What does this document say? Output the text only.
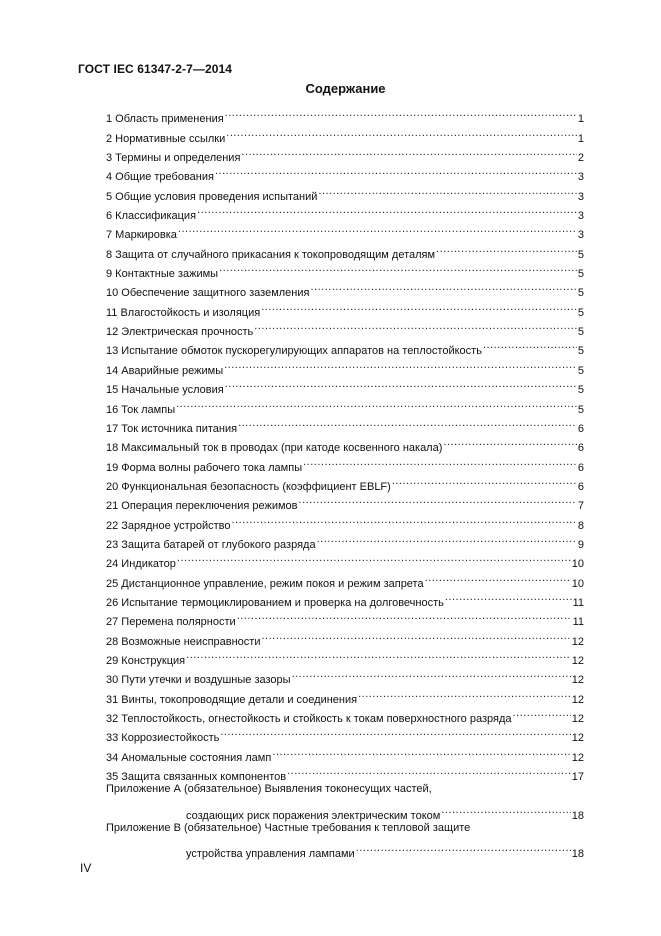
ГОСТ IEC 61347-2-7—2014
Содержание
1 Область применения .....	1
2 Нормативные ссылки .....	1
3 Термины и определения .....	2
4 Общие требования .....	3
5 Общие условия проведения испытаний .....	3
6 Классификация .....	3
7 Маркировка .....	3
8 Защита от случайного прикасания к токопроводящим деталям .....	5
9 Контактные зажимы .....	5
10 Обеспечение защитного заземления .....	5
11 Влагостойкость и изоляция .....	5
12 Электрическая прочность .....	5
13 Испытание обмоток пускорегулирующих аппаратов на теплостойкость .....	5
14 Аварийные режимы .....	5
15 Начальные условия .....	5
16 Ток лампы .....	5
17 Ток источника питания .....	6
18 Максимальный ток в проводах (при катоде косвенного накала) .....	6
19 Форма волны рабочего тока лампы .....	6
20 Функциональная безопасность (коэффициент EBLF) .....	6
21 Операция переключения режимов .....	7
22 Зарядное устройство .....	8
23 Защита батарей от глубокого разряда .....	9
24 Индикатор .....	10
25 Дистанционное управление, режим покоя и режим запрета .....	10
26 Испытание термоциклированием и проверка на долговечность .....	11
27 Перемена полярности .....	11
28 Возможные неисправности .....	12
29 Конструкция .....	12
30 Пути утечки и воздушные зазоры .....	12
31 Винты, токопроводящие детали и соединения .....	12
32 Теплостойкость, огнестойкость и стойкость к токам поверхностного разряда .....	12
33 Коррозиестойкость .....	12
34 Аномальные состояния ламп .....	12
35 Защита связанных компонентов .....	17
Приложение А (обязательное) Выявления токонесущих частей,
создающих риск поражения электрическим током .....	18
Приложение В (обязательное) Частные требования к тепловой защите
устройства управления лампами .....	18
IV
